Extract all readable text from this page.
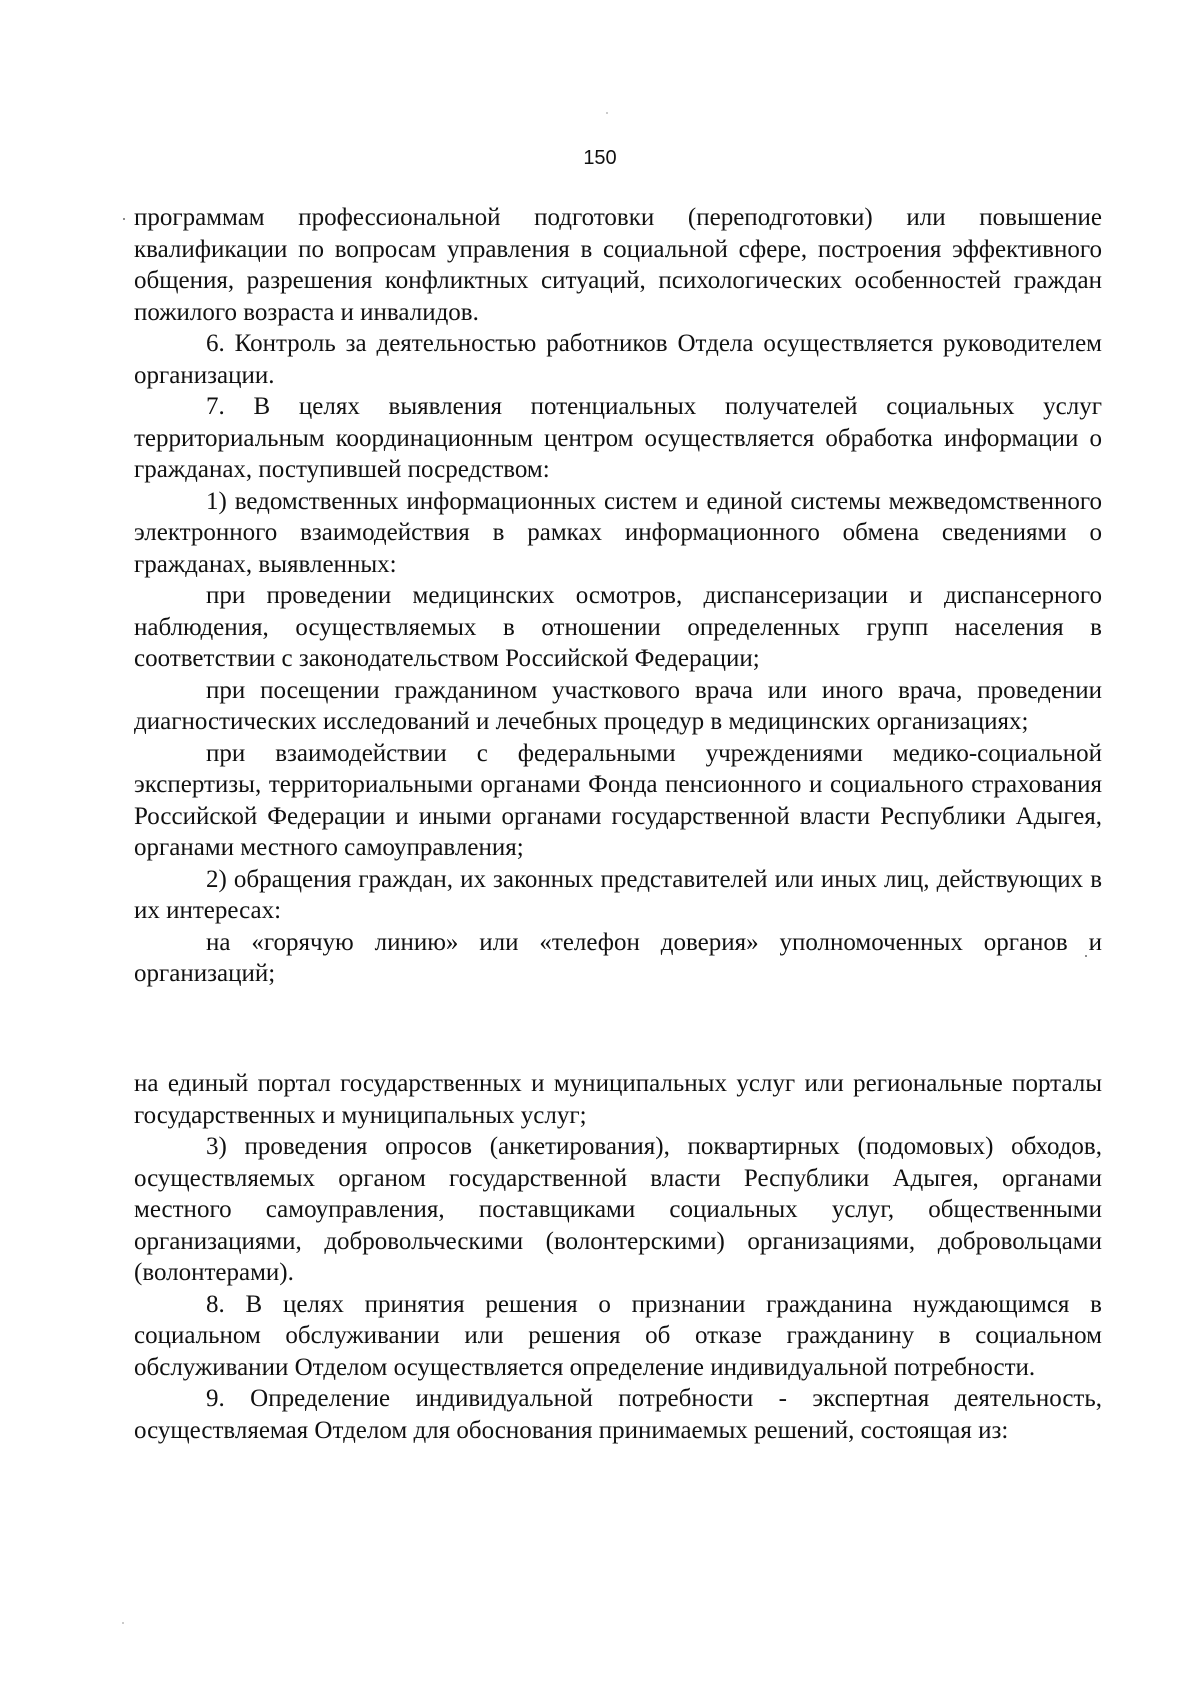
150

программам профессиональной подготовки (переподготовки) или повышение квалификации по вопросам управления в социальной сфере, построения эффективного общения, разрешения конфликтных ситуаций, психологических особенностей граждан пожилого возраста и инвалидов.

6. Контроль за деятельностью работников Отдела осуществляется руководителем организации.

7. В целях выявления потенциальных получателей социальных услуг территориальным координационным центром осуществляется обработка информации о гражданах, поступившей посредством:

1) ведомственных информационных систем и единой системы межведомственного электронного взаимодействия в рамках информационного обмена сведениями о гражданах, выявленных:

при проведении медицинских осмотров, диспансеризации и диспансерного наблюдения, осуществляемых в отношении определенных групп населения в соответствии с законодательством Российской Федерации;

при посещении гражданином участкового врача или иного врача, проведении диагностических исследований и лечебных процедур в медицинских организациях;

при взаимодействии с федеральными учреждениями медико-социальной экспертизы, территориальными органами Фонда пенсионного и социального страхования Российской Федерации и иными органами государственной власти Республики Адыгея, органами местного самоуправления;

2) обращения граждан, их законных представителей или иных лиц, действующих в их интересах:

на «горячую линию» или «телефон доверия» уполномоченных органов и организаций;

на единый портал государственных и муниципальных услуг или региональные порталы государственных и муниципальных услуг;

3) проведения опросов (анкетирования), поквартирных (подомовых) обходов, осуществляемых органом государственной власти Республики Адыгея, органами местного самоуправления, поставщиками социальных услуг, общественными организациями, добровольческими (волонтерскими) организациями, добровольцами (волонтерами).

8. В целях принятия решения о признании гражданина нуждающимся в социальном обслуживании или решения об отказе гражданину в социальном обслуживании Отделом осуществляется определение индивидуальной потребности.

9. Определение индивидуальной потребности - экспертная деятельность, осуществляемая Отделом для обоснования принимаемых решений, состоящая из:
